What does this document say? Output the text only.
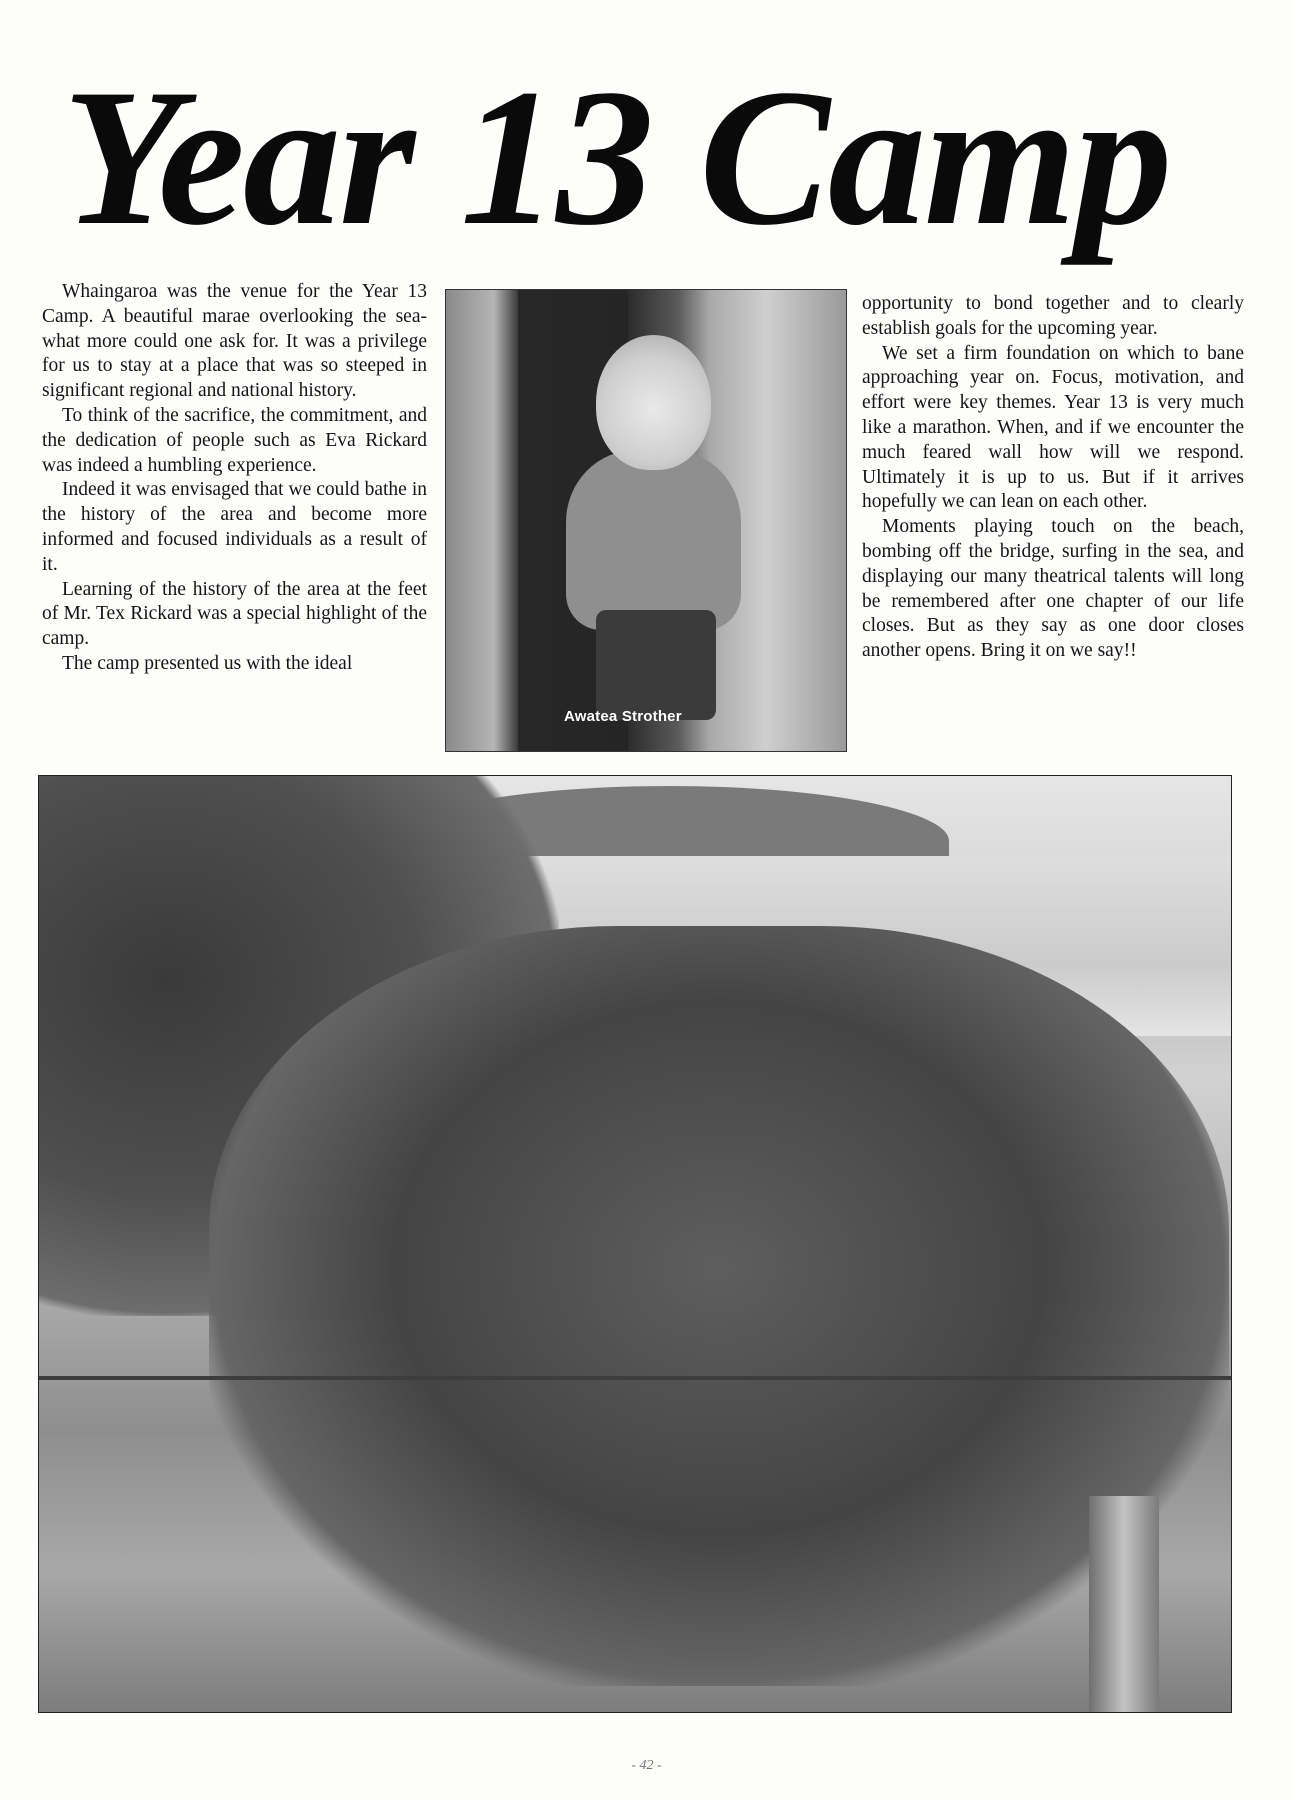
Year 13 Camp

Whaingaroa was the venue for the Year 13 Camp. A beautiful marae overlooking the sea-what more could one ask for. It was a privilege for us to stay at a place that was so steeped in significant regional and national history.

To think of the sacrifice, the commitment, and the dedication of people such as Eva Rickard was indeed a humbling experience.

Indeed it was envisaged that we could bathe in the history of the area and become more informed and focused individuals as a result of it.

Learning of the history of the area at the feet of Mr. Tex Rickard was a special highlight of the camp.

The camp presented us with the ideal

Awatea Strother

opportunity to bond together and to clearly establish goals for the upcoming year.

We set a firm foundation on which to bane approaching year on. Focus, motivation, and effort were key themes. Year 13 is very much like a marathon. When, and if we encounter the much feared wall how will we respond. Ultimately it is up to us. But if it arrives hopefully we can lean on each other.

Moments playing touch on the beach, bombing off the bridge, surfing in the sea, and displaying our many theatrical talents will long be remembered after one chapter of our life closes. But as they say as one door closes another opens. Bring it on we say!!

- 42 -
